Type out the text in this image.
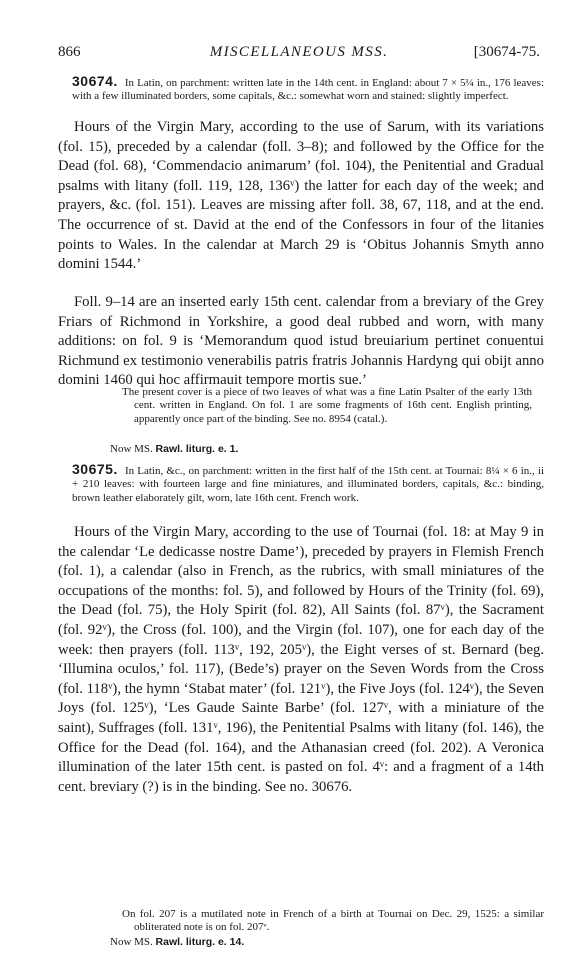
866	MISCELLANEOUS MSS.	[30674-75.
30674. In Latin, on parchment: written late in the 14th cent. in England: about 7 × 5¼ in., 176 leaves: with a few illuminated borders, some capitals, &c.: somewhat worn and stained: slightly imperfect.
Hours of the Virgin Mary, according to the use of Sarum, with its variations (fol. 15), preceded by a calendar (foll. 3–8); and followed by the Office for the Dead (fol. 68), ‘Commendacio animarum’ (fol. 104), the Penitential and Gradual psalms with litany (foll. 119, 128, 136ᵛ) the latter for each day of the week; and prayers, &c. (fol. 151). Leaves are missing after foll. 38, 67, 118, and at the end. The occurrence of st. David at the end of the Confessors in four of the litanies points to Wales. In the calendar at March 29 is ‘Obitus Johannis Smyth anno domini 1544.’
Foll. 9–14 are an inserted early 15th cent. calendar from a breviary of the Grey Friars of Richmond in Yorkshire, a good deal rubbed and worn, with many additions: on fol. 9 is ‘Memorandum quod istud breuiarium pertinet conuentui Richmund ex testimonio venerabilis patris fratris Johannis Hardyng qui obijt anno domini 1460 qui hoc affirmauit tempore mortis sue.’

The present cover is a piece of two leaves of what was a fine Latin Psalter of the early 13th cent. written in England. On fol. 1 are some fragments of 16th cent. English printing, apparently once part of the binding. See no. 8954 (catal.).

Now MS. Rawl. liturg. e. 1.
30675. In Latin, &c., on parchment: written in the first half of the 15th cent. at Tournai: 8¼ × 6 in., ii + 210 leaves: with fourteen large and fine miniatures, and illuminated borders, capitals, &c.: binding, brown leather elaborately gilt, worn, late 16th cent. French work.
Hours of the Virgin Mary, according to the use of Tournai (fol. 18: at May 9 in the calendar ‘Le dedicasse nostre Dame’), preceded by prayers in Flemish French (fol. 1), a calendar (also in French, as the rubrics, with small miniatures of the occupations of the months: fol. 5), and followed by Hours of the Trinity (fol. 69), the Dead (fol. 75), the Holy Spirit (fol. 82), All Saints (fol. 87ᵛ), the Sacrament (fol. 92ᵛ), the Cross (fol. 100), and the Virgin (fol. 107), one for each day of the week: then prayers (foll. 113ᵛ, 192, 205ᵛ), the Eight verses of st. Bernard (beg. ‘Illumina oculos,’ fol. 117), (Bede’s) prayer on the Seven Words from the Cross (fol. 118ᵛ), the hymn ‘Stabat mater’ (fol. 121ᵛ), the Five Joys (fol. 124ᵛ), the Seven Joys (fol. 125ᵛ), ‘Les Gaude Sainte Barbe’ (fol. 127ᵛ, with a miniature of the saint), Suffrages (foll. 131ᵛ, 196), the Penitential Psalms with litany (fol. 146), the Office for the Dead (fol. 164), and the Athanasian creed (fol. 202). A Veronica illumination of the later 15th cent. is pasted on fol. 4ᵛ: and a fragment of a 14th cent. breviary (?) is in the binding. See no. 30676.

On fol. 207 is a mutilated note in French of a birth at Tournai on Dec. 29, 1525: a similar obliterated note is on fol. 207ᵛ.

Now MS. Rawl. liturg. e. 14.
